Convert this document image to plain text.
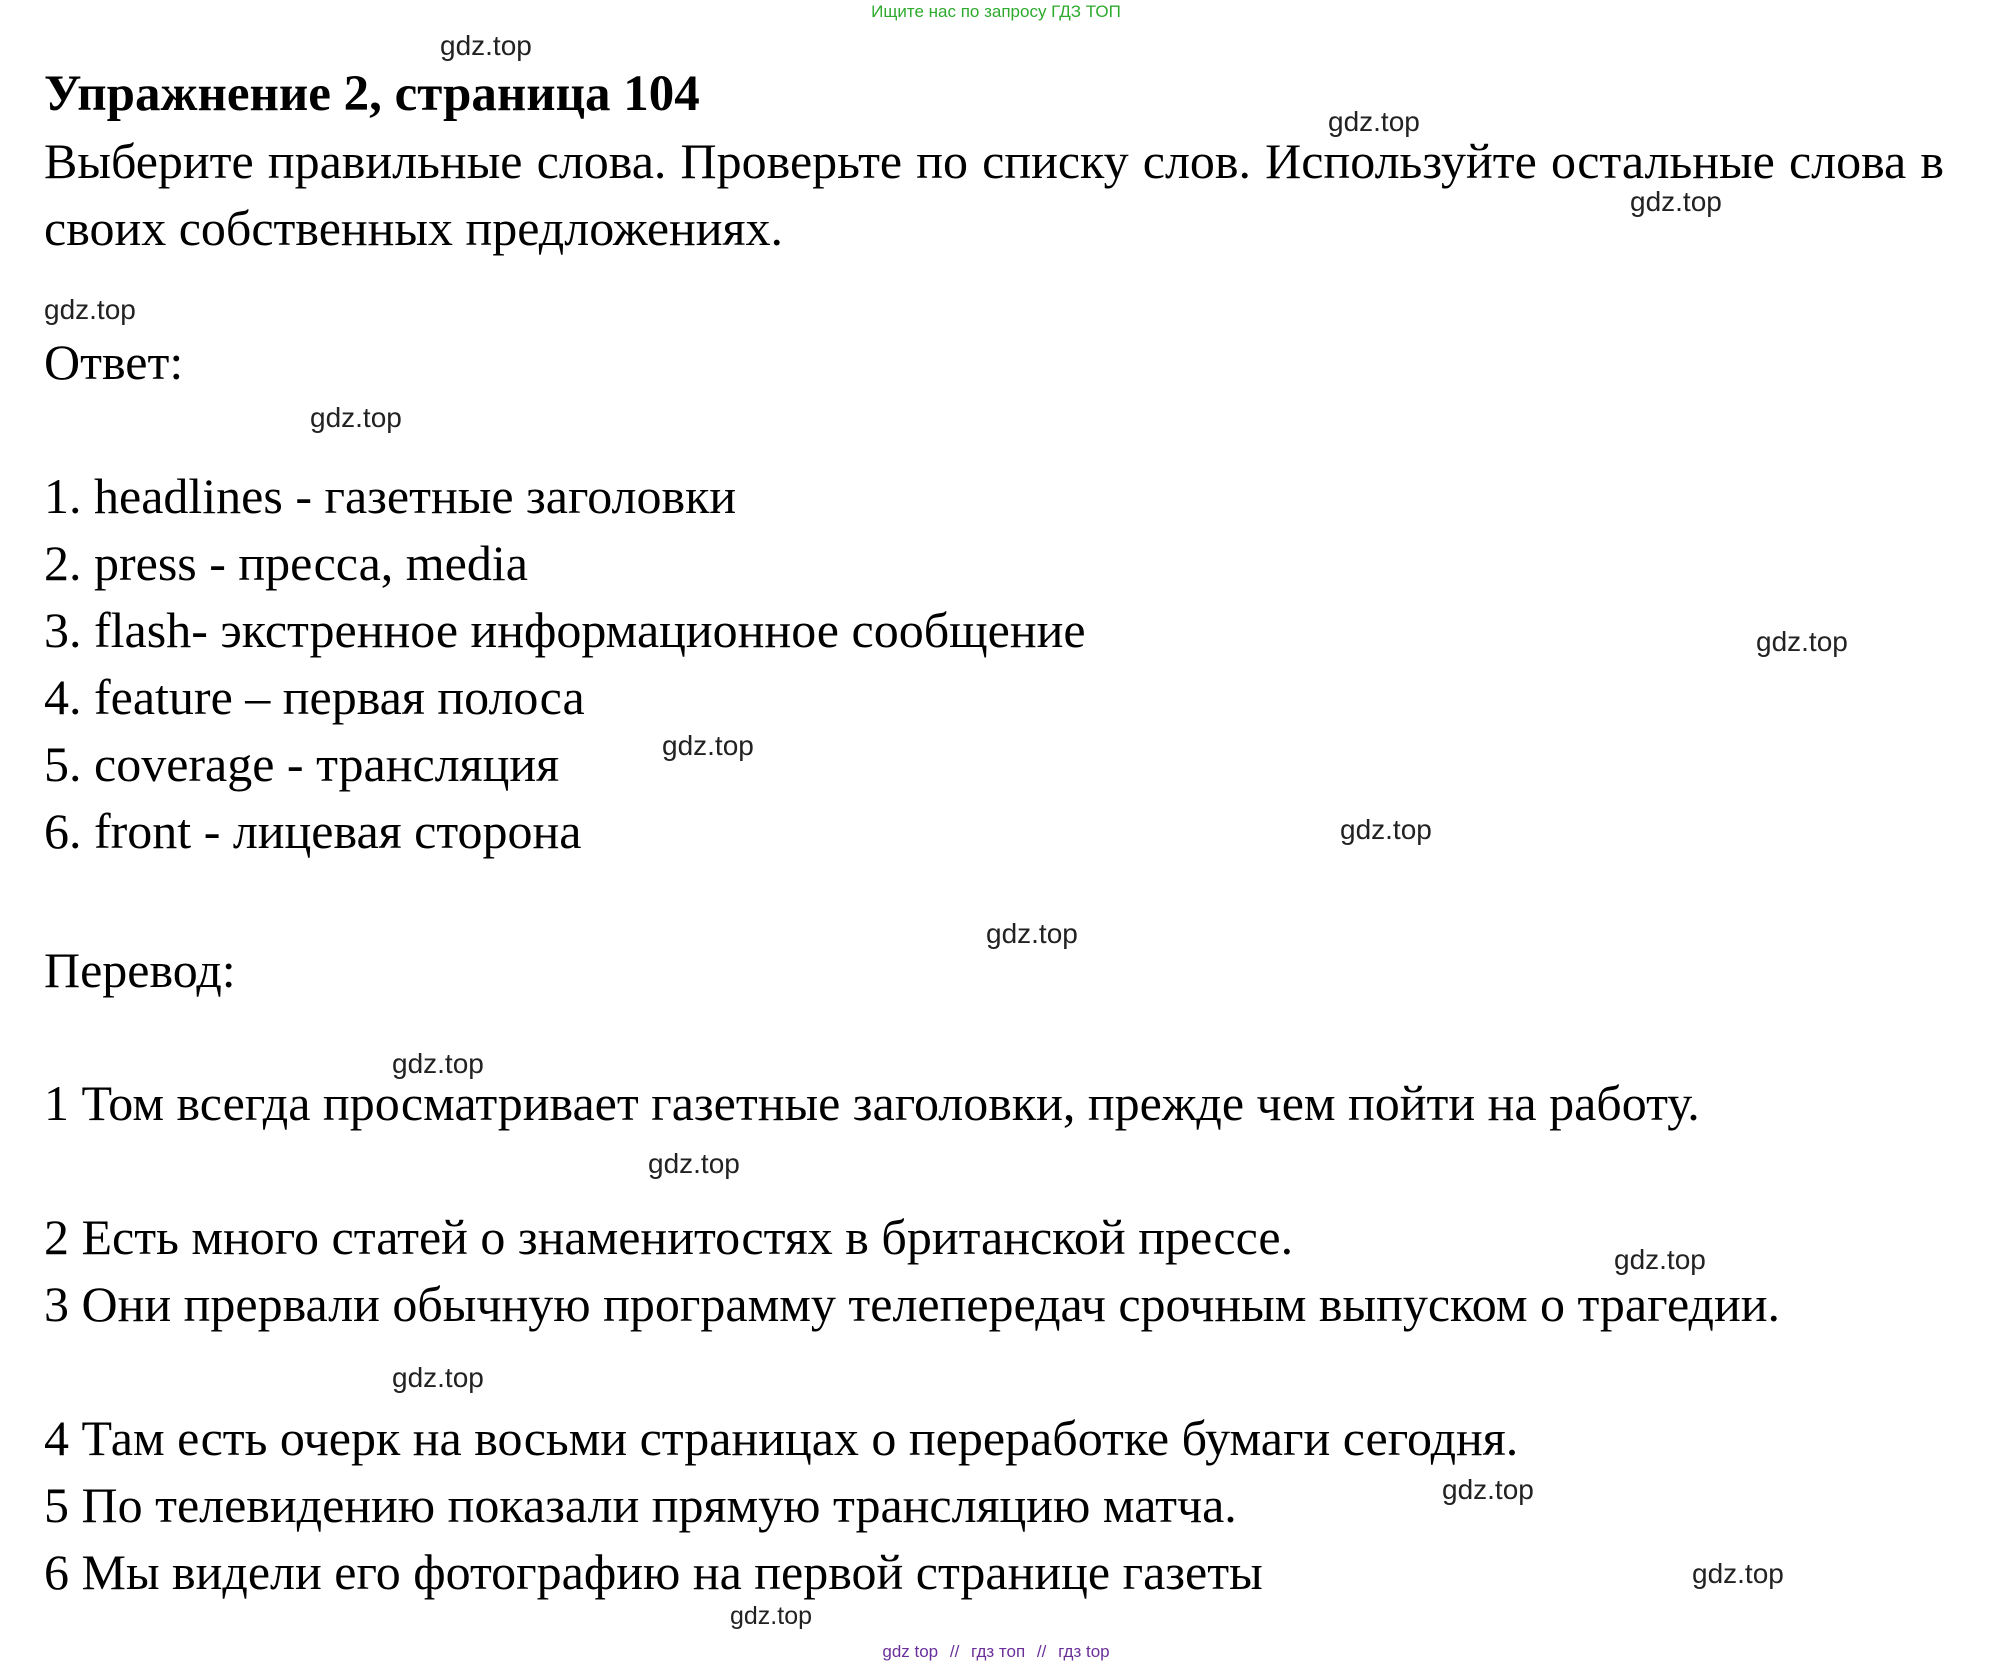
Ищите нас по запросу ГДЗ ТОП
Упражнение 2, страница 104
Выберите правильные слова. Проверьте по списку слов. Используйте остальные слова в своих собственных предложениях.
Ответ:
1. headlines - газетные заголовки
2. press - пресса, media
3. flash- экстренное информационное сообщение
4. feature – первая полоса
5. coverage - трансляция
6. front - лицевая сторона
Перевод:
1 Том всегда просматривает газетные заголовки, прежде чем пойти на работу.
2 Есть много статей о знаменитостях в британской прессе.
3 Они прервали обычную программу телепередач срочным выпуском о трагедии.
4 Там есть очерк на восьми страницах о переработке бумаги сегодня.
5 По телевидению показали прямую трансляцию матча.
6 Мы видели его фотографию на первой странице газеты
gdz.top
gdz.top
gdz.top
gdz.top
gdz.top
gdz.top
gdz.top
gdz.top
gdz.top
gdz.top
gdz.top
gdz.top
gdz.top
gdz.top
gdz.top
gdz.top
gdz top // гдз топ // гдз top
